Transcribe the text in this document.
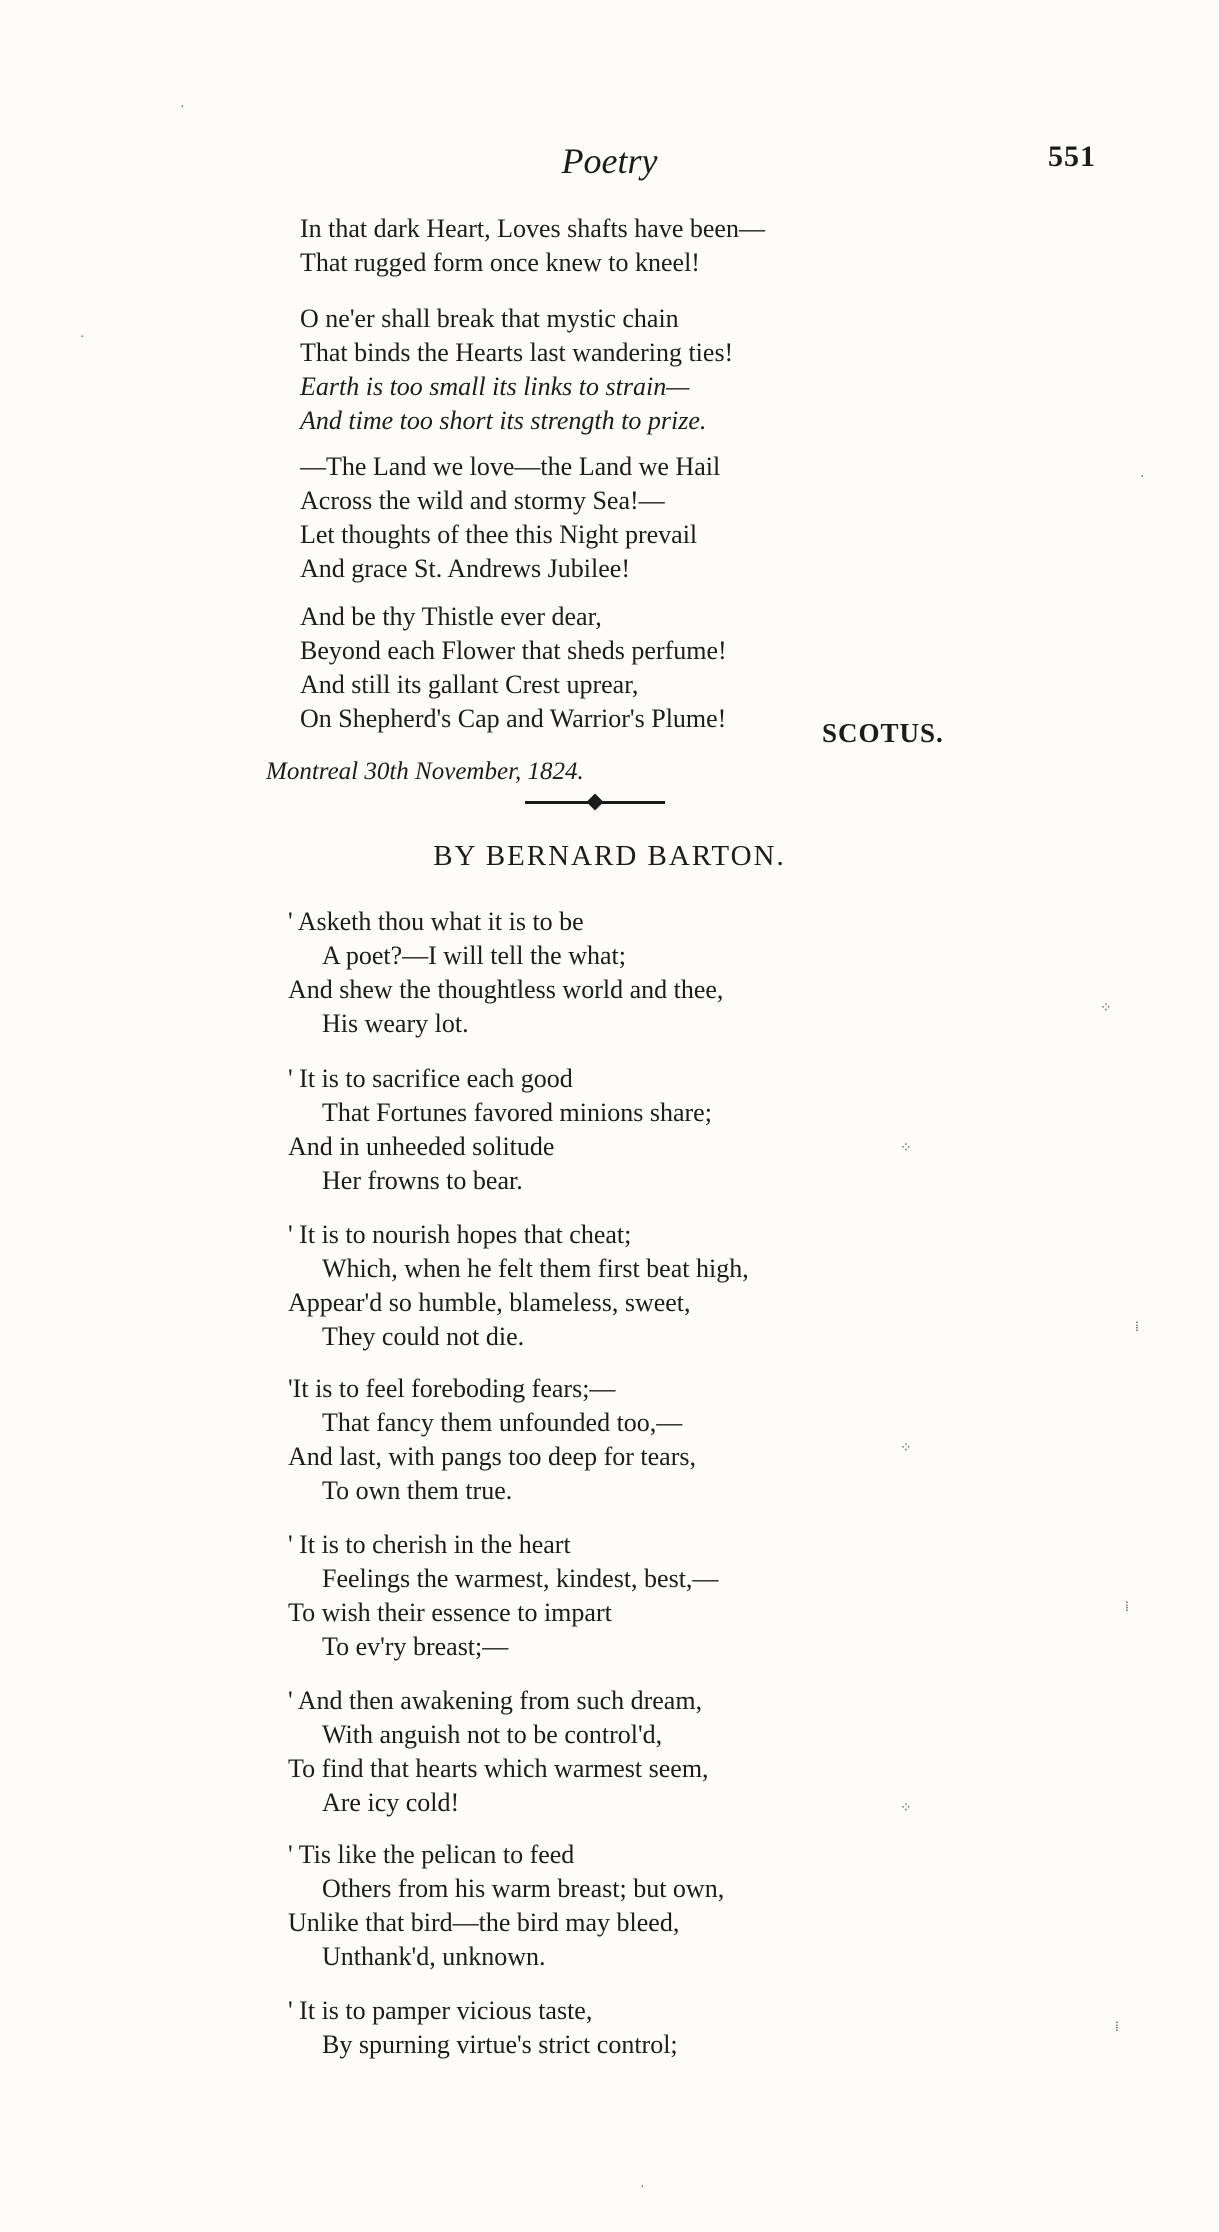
Poetry	551
In that dark Heart, Loves shafts have been—
That rugged form once knew to kneel!
O ne'er shall break that mystic chain
That binds the Hearts last wandering ties!
Earth is too small its links to strain—
And time too short its strength to prize.
—The Land we love—the Land we Hail
Across the wild and stormy Sea!—
Let thoughts of thee this Night prevail
And grace St. Andrews Jubilee!
And be thy Thistle ever dear,
Beyond each Flower that sheds perfume!
And still its gallant Crest uprear,
On Shepherd's Cap and Warrior's Plume!	SCOTUS.
Montreal 30th November, 1824.
BY BERNARD BARTON.
' Asketh thou what it is to be
A poet?—I will tell the what;
And shew the thoughtless world and thee,
His weary lot.
' It is to sacrifice each good
That Fortunes favored minions share;
And in unheeded solitude
Her frowns to bear.
' It is to nourish hopes that cheat;
Which, when he felt them first beat high,
Appear'd so humble, blameless, sweet,
They could not die.
'It is to feel foreboding fears;—
That fancy them unfounded too,—
And last, with pangs too deep for tears,
To own them true.
' It is to cherish in the heart
Feelings the warmest, kindest, best,—
To wish their essence to impart
To ev'ry breast;—
' And then awakening from such dream,
With anguish not to be control'd,
To find that hearts which warmest seem,
Are icy cold!
' Tis like the pelican to feed
Others from his warm breast; but own,
Unlike that bird—the bird may bleed,
Unthank'd, unknown.
' It is to pamper vicious taste,
By spurning virtue's strict control;
·
·
·
⁘
⁘
⁞
⁘
⁞
⁘
⁞
·
